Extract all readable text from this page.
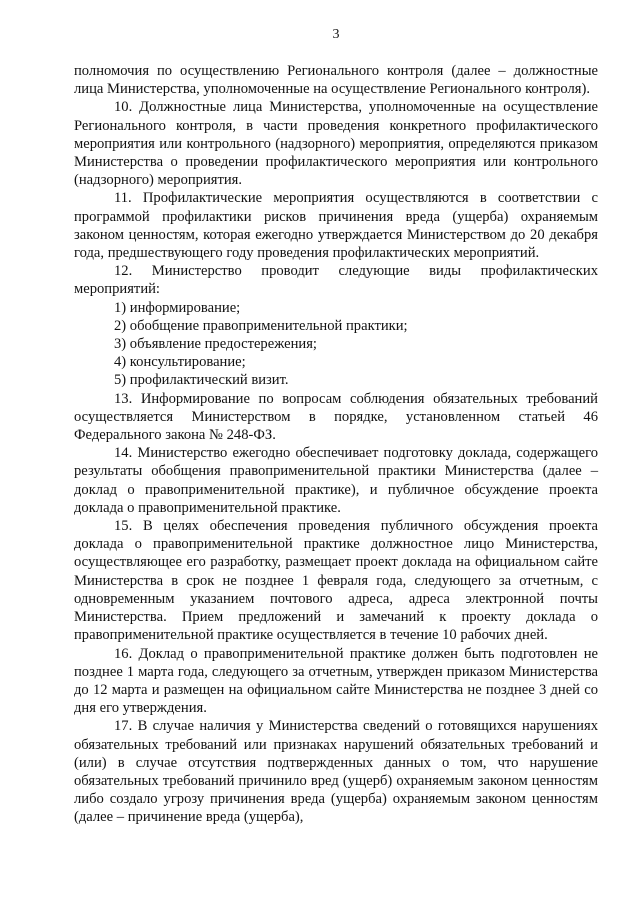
3

полномочия по осуществлению Регионального контроля (далее – должностные лица Министерства, уполномоченные на осуществление Регионального контроля).

10. Должностные лица Министерства, уполномоченные на осуществление Регионального контроля, в части проведения конкретного профилактического мероприятия или контрольного (надзорного) мероприятия, определяются приказом Министерства о проведении профилактического мероприятия или контрольного (надзорного) мероприятия.

11. Профилактические мероприятия осуществляются в соответствии с программой профилактики рисков причинения вреда (ущерба) охраняемым законом ценностям, которая ежегодно утверждается Министерством до 20 декабря года, предшествующего году проведения профилактических мероприятий.

12. Министерство проводит следующие виды профилактических мероприятий:

1) информирование;
2) обобщение правоприменительной практики;
3) объявление предостережения;
4) консультирование;
5) профилактический визит.

13. Информирование по вопросам соблюдения обязательных требований осуществляется Министерством в порядке, установленном статьей 46 Федерального закона № 248-ФЗ.

14. Министерство ежегодно обеспечивает подготовку доклада, содержащего результаты обобщения правоприменительной практики Министерства (далее – доклад о правоприменительной практике), и публичное обсуждение проекта доклада о правоприменительной практике.

15. В целях обеспечения проведения публичного обсуждения проекта доклада о правоприменительной практике должностное лицо Министерства, осуществляющее его разработку, размещает проект доклада на официальном сайте Министерства в срок не позднее 1 февраля года, следующего за отчетным, с одновременным указанием почтового адреса, адреса электронной почты Министерства. Прием предложений и замечаний к проекту доклада о правоприменительной практике осуществляется в течение 10 рабочих дней.

16. Доклад о правоприменительной практике должен быть подготовлен не позднее 1 марта года, следующего за отчетным, утвержден приказом Министерства до 12 марта и размещен на официальном сайте Министерства не позднее 3 дней со дня его утверждения.

17. В случае наличия у Министерства сведений о готовящихся нарушениях обязательных требований или признаках нарушений обязательных требований и (или) в случае отсутствия подтвержденных данных о том, что нарушение обязательных требований причинило вред (ущерб) охраняемым законом ценностям либо создало угрозу причинения вреда (ущерба) охраняемым законом ценностям (далее – причинение вреда (ущерба),
